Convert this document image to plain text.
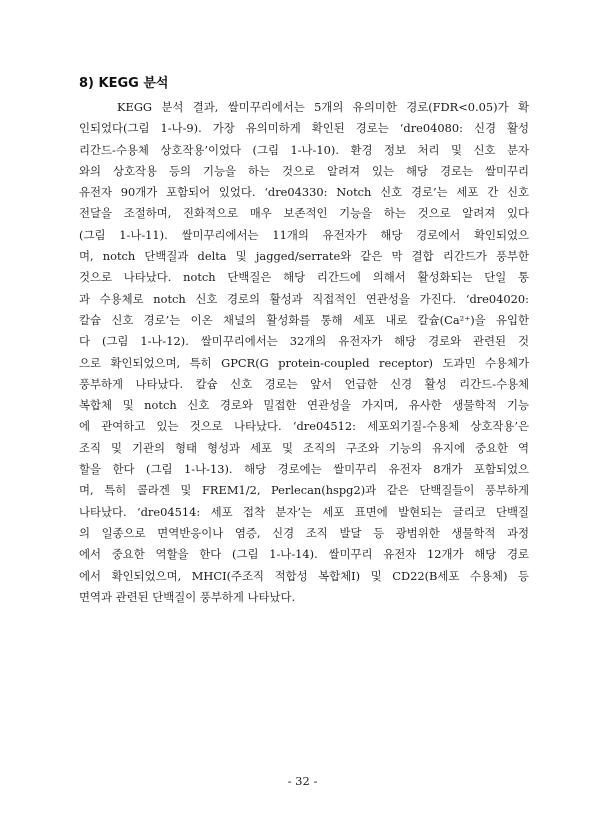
8) KEGG 분석
KEGG 분석 결과, 쌀미꾸리에서는 5개의 유의미한 경로(FDR<0.05)가 확
인되었다(그림 1-나-9). 가장 유의미하게 확인된 경로는 ‘dre04080: 신경 활성
리간드-수용체 상호작용’이었다 (그림 1-나-10). 환경 정보 처리 및 신호 분자
와의 상호작용 등의 기능을 하는 것으로 알려져 있는 해당 경로는 쌀미꾸리
유전자 90개가 포함되어 있었다. ‘dre04330: Notch 신호 경로’는 세포 간 신호
전달을 조절하며, 진화적으로 매우 보존적인 기능을 하는 것으로 알려져 있다
(그림 1-나-11). 쌀미꾸리에서는 11개의 유전자가 해당 경로에서 확인되었으
며, notch 단백질과 delta 및 jagged/serrate와 같은 막 결합 리간드가 풍부한
것으로 나타났다. notch 단백질은 해당 리간드에 의해서 활성화되는 단일 통
과 수용체로 notch 신호 경로의 활성과 직접적인 연관성을 가진다. ‘dre04020:
칼슘 신호 경로’는 이온 채널의 활성화를 통해 세포 내로 칼슘(Ca²⁺)을 유입한
다 (그림 1-나-12). 쌀미꾸리에서는 32개의 유전자가 해당 경로와 관련된 것
으로 확인되었으며, 특히 GPCR(G protein-coupled receptor) 도과민 수용체가
풍부하게 나타났다. 칼슘 신호 경로는 앞서 언급한 신경 활성 리간드-수용체
복합체 및 notch 신호 경로와 밀접한 연관성을 가지며, 유사한 생물학적 기능
에 관여하고 있는 것으로 나타났다. ‘dre04512: 세포외기질-수용체 상호작용’은
조직 및 기관의 형태 형성과 세포 및 조직의 구조와 기능의 유지에 중요한 역
할을 한다 (그림 1-나-13). 해당 경로에는 쌀미꾸리 유전자 8개가 포함되었으
며, 특히 콜라겐 및 FREM1/2, Perlecan(hspg2)과 같은 단백질들이 풍부하게
나타났다. ‘dre04514: 세포 접착 분자’는 세포 표면에 발현되는 글리코 단백질
의 일종으로 면역반응이나 염증, 신경 조직 발달 등 광범위한 생물학적 과정
에서 중요한 역할을 한다 (그림 1-나-14). 쌀미꾸리 유전자 12개가 해당 경로
에서 확인되었으며, MHCI(주조직 적합성 복합체I) 및 CD22(B세포 수용체) 등
면역과 관련된 단백질이 풍부하게 나타났다.
- 32 -
